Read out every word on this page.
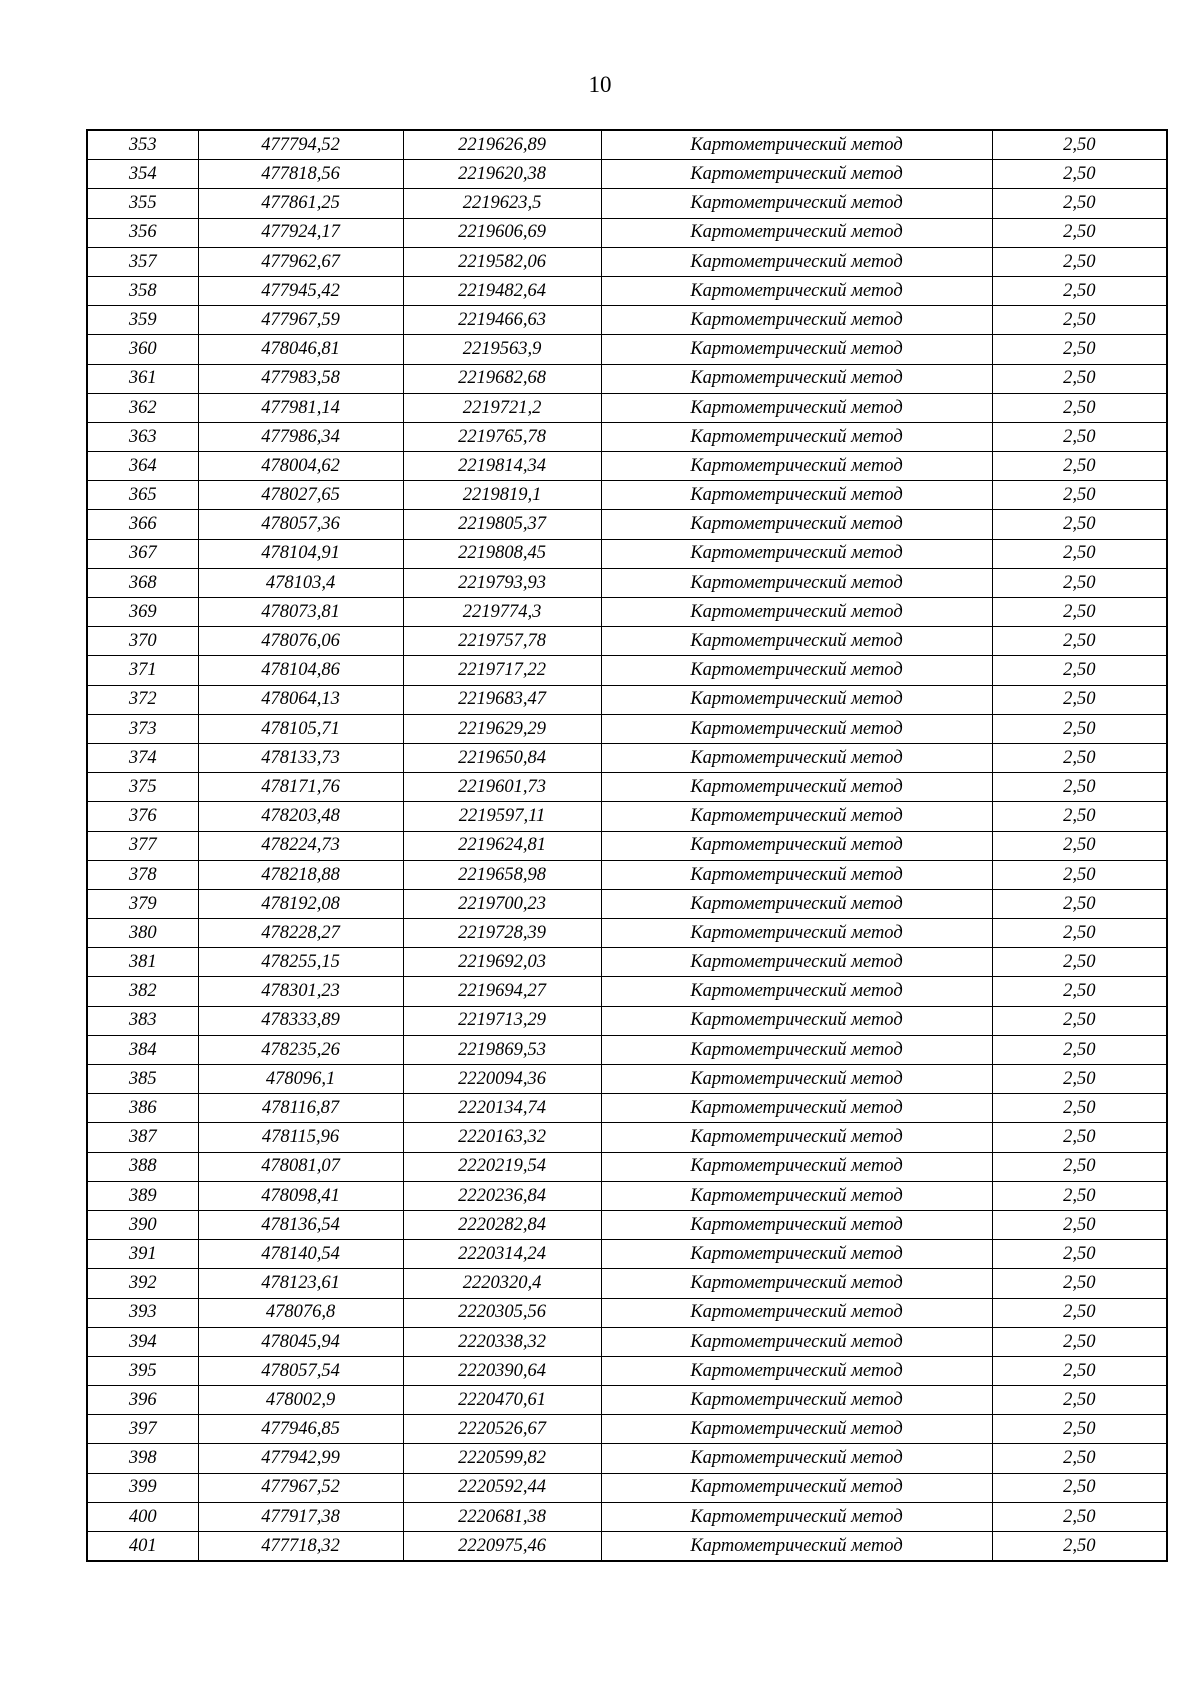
10
353	477794,52	2219626,89	Картометрический метод	2,50
354	477818,56	2219620,38	Картометрический метод	2,50
355	477861,25	2219623,5	Картометрический метод	2,50
356	477924,17	2219606,69	Картометрический метод	2,50
357	477962,67	2219582,06	Картометрический метод	2,50
358	477945,42	2219482,64	Картометрический метод	2,50
359	477967,59	2219466,63	Картометрический метод	2,50
360	478046,81	2219563,9	Картометрический метод	2,50
361	477983,58	2219682,68	Картометрический метод	2,50
362	477981,14	2219721,2	Картометрический метод	2,50
363	477986,34	2219765,78	Картометрический метод	2,50
364	478004,62	2219814,34	Картометрический метод	2,50
365	478027,65	2219819,1	Картометрический метод	2,50
366	478057,36	2219805,37	Картометрический метод	2,50
367	478104,91	2219808,45	Картометрический метод	2,50
368	478103,4	2219793,93	Картометрический метод	2,50
369	478073,81	2219774,3	Картометрический метод	2,50
370	478076,06	2219757,78	Картометрический метод	2,50
371	478104,86	2219717,22	Картометрический метод	2,50
372	478064,13	2219683,47	Картометрический метод	2,50
373	478105,71	2219629,29	Картометрический метод	2,50
374	478133,73	2219650,84	Картометрический метод	2,50
375	478171,76	2219601,73	Картометрический метод	2,50
376	478203,48	2219597,11	Картометрический метод	2,50
377	478224,73	2219624,81	Картометрический метод	2,50
378	478218,88	2219658,98	Картометрический метод	2,50
379	478192,08	2219700,23	Картометрический метод	2,50
380	478228,27	2219728,39	Картометрический метод	2,50
381	478255,15	2219692,03	Картометрический метод	2,50
382	478301,23	2219694,27	Картометрический метод	2,50
383	478333,89	2219713,29	Картометрический метод	2,50
384	478235,26	2219869,53	Картометрический метод	2,50
385	478096,1	2220094,36	Картометрический метод	2,50
386	478116,87	2220134,74	Картометрический метод	2,50
387	478115,96	2220163,32	Картометрический метод	2,50
388	478081,07	2220219,54	Картометрический метод	2,50
389	478098,41	2220236,84	Картометрический метод	2,50
390	478136,54	2220282,84	Картометрический метод	2,50
391	478140,54	2220314,24	Картометрический метод	2,50
392	478123,61	2220320,4	Картометрический метод	2,50
393	478076,8	2220305,56	Картометрический метод	2,50
394	478045,94	2220338,32	Картометрический метод	2,50
395	478057,54	2220390,64	Картометрический метод	2,50
396	478002,9	2220470,61	Картометрический метод	2,50
397	477946,85	2220526,67	Картометрический метод	2,50
398	477942,99	2220599,82	Картометрический метод	2,50
399	477967,52	2220592,44	Картометрический метод	2,50
400	477917,38	2220681,38	Картометрический метод	2,50
401	477718,32	2220975,46	Картометрический метод	2,50
